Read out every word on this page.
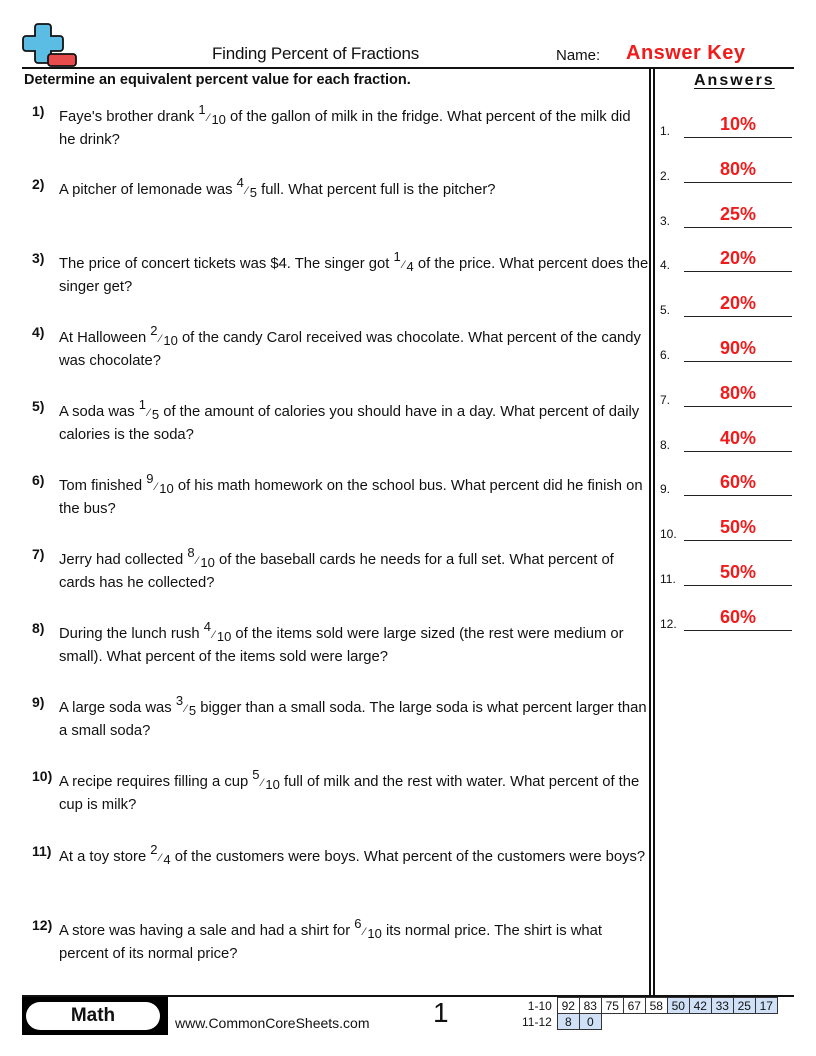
Finding Percent of Fractions	Name: Answer Key
Determine an equivalent percent value for each fraction.	Answers
1) Faye's brother drank 1⁄ 10 of the gallon of milk in the fridge. What percent of the milk did he drink?
2) A pitcher of lemonade was 4⁄ 5 full. What percent full is the pitcher?
3) The price of concert tickets was $4. The singer got 1⁄ 4 of the price. What percent does the singer get?
4) At Halloween 2⁄ 10 of the candy Carol received was chocolate. What percent of the candy was chocolate?
5) A soda was 1⁄ 5 of the amount of calories you should have in a day. What percent of daily calories is the soda?
6) Tom finished 9⁄ 10 of his math homework on the school bus. What percent did he finish on the bus?
7) Jerry had collected 8⁄ 10 of the baseball cards he needs for a full set. What percent of cards has he collected?
8) During the lunch rush 4⁄ 10 of the items sold were large sized (the rest were medium or small). What percent of the items sold were large?
9) A large soda was 3⁄ 5 bigger than a small soda. The large soda is what percent larger than a small soda?
10) A recipe requires filling a cup 5⁄ 10 full of milk and the rest with water. What percent of the cup is milk?
11) At a toy store 2⁄ 4 of the customers were boys. What percent of the customers were boys?
12) A store was having a sale and had a shirt for 6⁄ 10 its normal price. The shirt is what percent of its normal price?
1.	10%
2.	80%
3.	25%
4.	20%
5.	20%
6.	90%
7.	80%
8.	40%
9.	60%
10.	50%
11.	50%
12.	60%
Math	www.CommonCoreSheets.com 1	1-10	92	83	75	67	58	50	42	33	25	17
11-12	8	0								
